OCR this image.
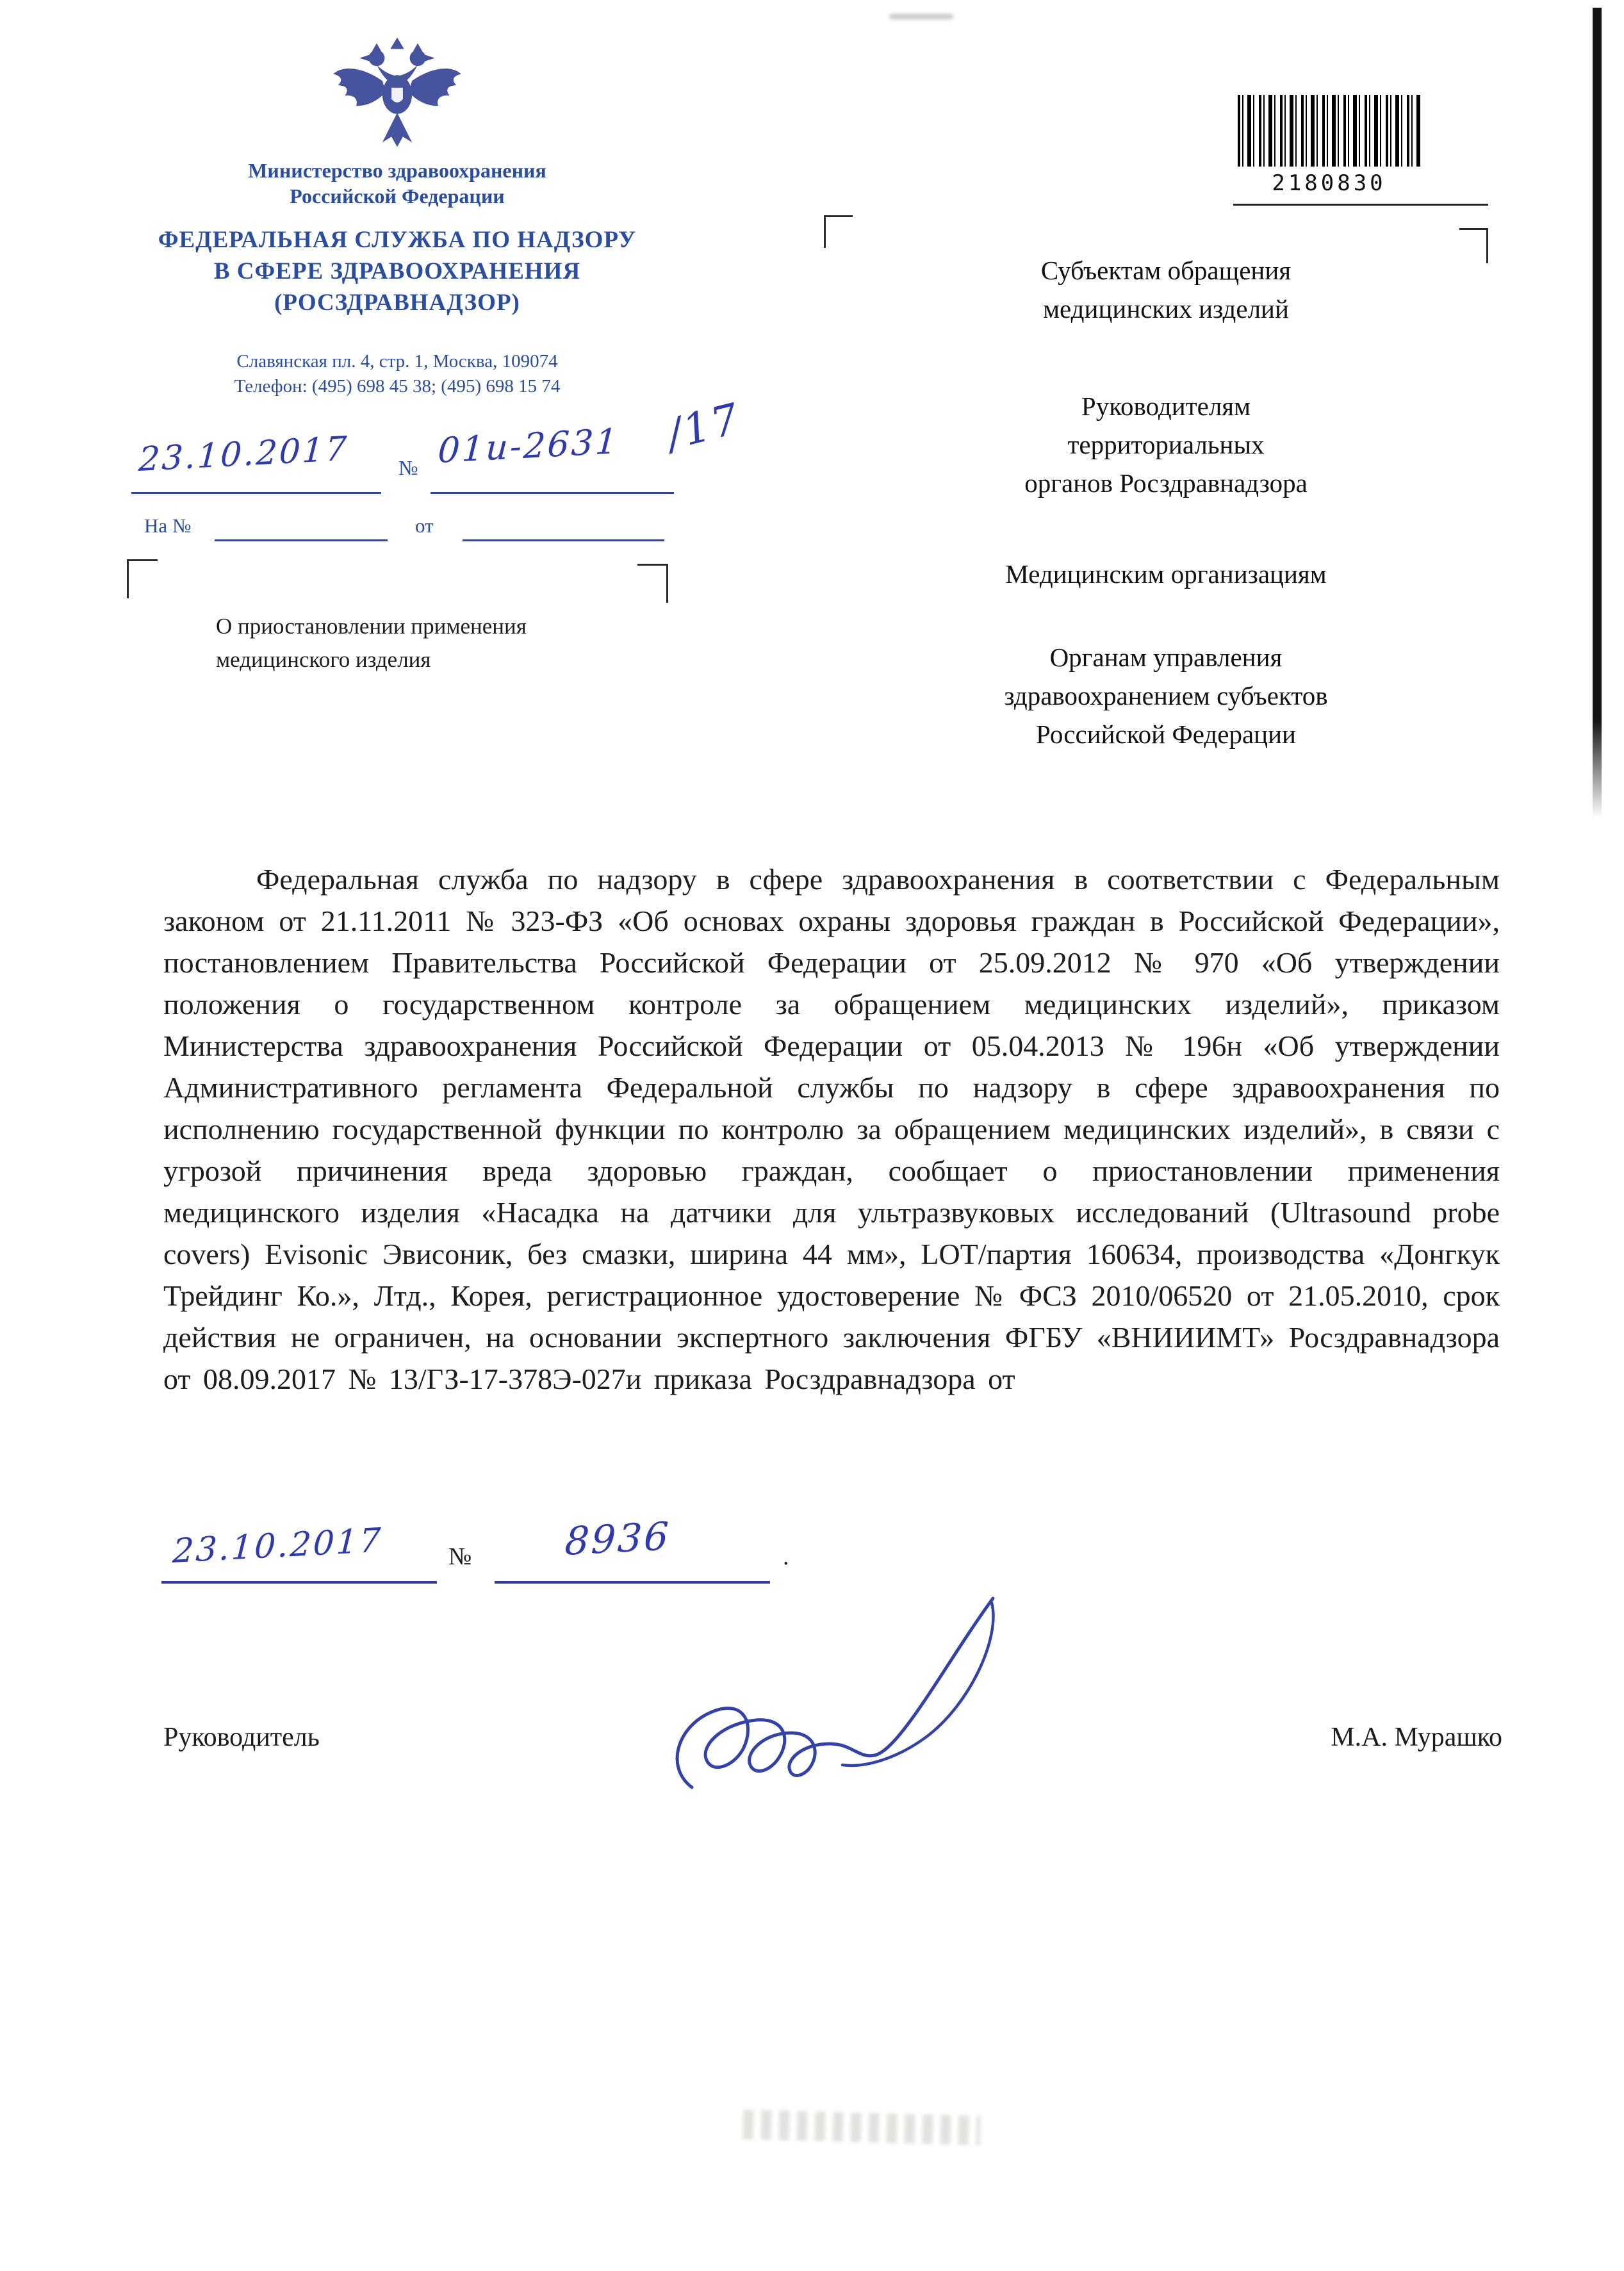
Министерство здравоохранения
Российской Федерации
ФЕДЕРАЛЬНАЯ СЛУЖБА ПО НАДЗОРУ
В СФЕРЕ ЗДРАВООХРАНЕНИЯ
(РОСЗДРАВНАДЗОР)
Славянская пл. 4, стр. 1, Москва, 109074
Телефон: (495) 698 45 38; (495) 698 15 74
23.10.2017 № 01и-2631 /17
На №	от
О приостановлении применения
медицинского изделия
2180830
Субъектам обращения
медицинских изделий
Руководителям
территориальных
органов Росздравнадзора
Медицинским организациям
Органам управления
здравоохранением субъектов
Российской Федерации
Федеральная служба по надзору в сфере здравоохранения в соответствии с Федеральным законом от 21.11.2011 № 323-ФЗ «Об основах охраны здоровья граждан в Российской Федерации», постановлением Правительства Российской Федерации от 25.09.2012 № 970 «Об утверждении положения о государственном контроле за обращением медицинских изделий», приказом Министерства здравоохранения Российской Федерации от 05.04.2013 № 196н «Об утверждении Административного регламента Федеральной службы по надзору в сфере здравоохранения по исполнению государственной функции по контролю за обращением медицинских изделий», в связи с угрозой причинения вреда здоровью граждан, сообщает о приостановлении применения медицинского изделия «Насадка на датчики для ультразвуковых исследований (Ultrasound probe covers) Evisonic Эвисоник, без смазки, ширина 44 мм», LOT/партия 160634, производства «Донгкук Трейдинг Ко.», Лтд., Корея, регистрационное удостоверение № ФСЗ 2010/06520 от 21.05.2010, срок действия не ограничен, на основании экспертного заключения ФГБУ «ВНИИИМТ» Росздравнадзора от 08.09.2017 № 13/ГЗ-17-378Э-027и приказа Росздравнадзора от
23.10.2017	№ 8936	.
Руководитель	М.А. Мурашко
